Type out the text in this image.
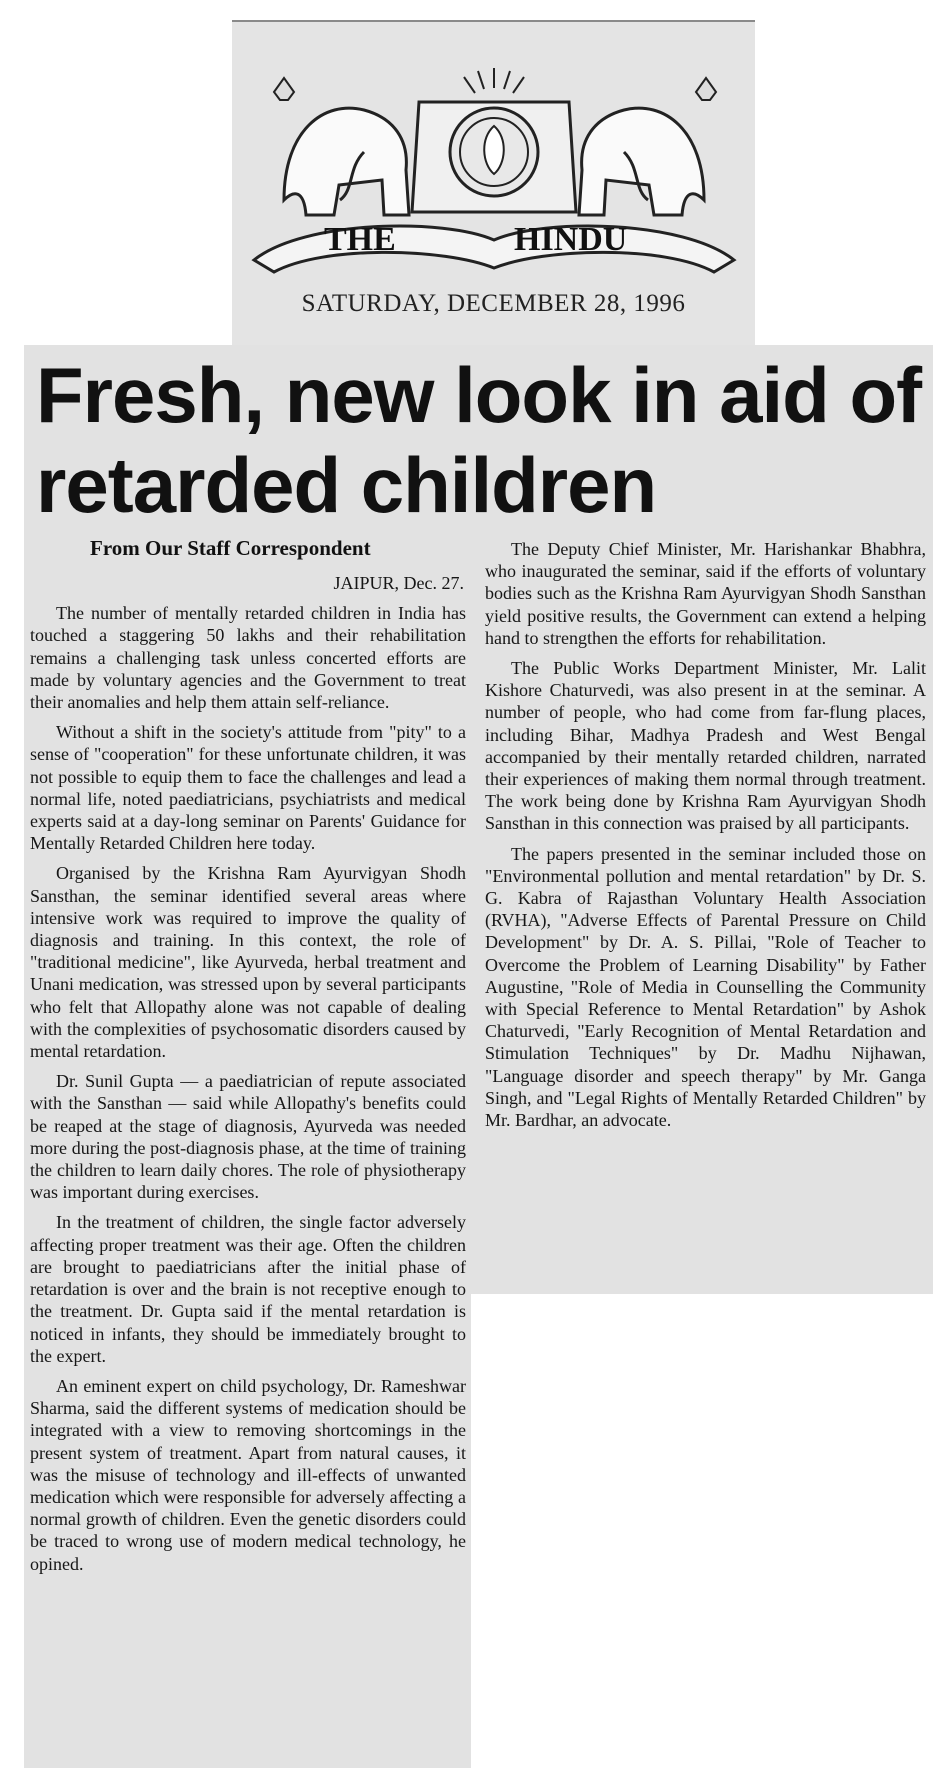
THE	HINDU
SATURDAY, DECEMBER 28, 1996
Fresh, new look in aid of retarded children
From Our Staff Correspondent

JAIPUR, Dec. 27.

The number of mentally retarded children in India has touched a staggering 50 lakhs and their rehabilitation remains a challenging task unless concerted efforts are made by voluntary agencies and the Government to treat their anomalies and help them attain self-reliance.

Without a shift in the society's attitude from "pity" to a sense of "cooperation" for these unfortunate children, it was not possible to equip them to face the challenges and lead a normal life, noted paediatricians, psychiatrists and medical experts said at a day-long seminar on Parents' Guidance for Mentally Retarded Children here today.

Organised by the Krishna Ram Ayurvigyan Shodh Sansthan, the seminar identified several areas where intensive work was required to improve the quality of diagnosis and training. In this context, the role of "traditional medicine", like Ayurveda, herbal treatment and Unani medication, was stressed upon by several participants who felt that Allopathy alone was not capable of dealing with the complexities of psychosomatic disorders caused by mental retardation.

Dr. Sunil Gupta — a paediatrician of repute associated with the Sansthan — said while Allopathy's benefits could be reaped at the stage of diagnosis, Ayurveda was needed more during the post-diagnosis phase, at the time of training the children to learn daily chores. The role of physiotherapy was important during exercises.

In the treatment of children, the single factor adversely affecting proper treatment was their age. Often the children are brought to paediatricians after the initial phase of retardation is over and the brain is not receptive enough to the treatment. Dr. Gupta said if the mental retardation is noticed in infants, they should be immediately brought to the expert.

An eminent expert on child psychology, Dr. Rameshwar Sharma, said the different systems of medication should be integrated with a view to removing shortcomings in the present system of treatment. Apart from natural causes, it was the misuse of technology and ill-effects of unwanted medication which were responsible for adversely affecting a normal growth of children. Even the genetic disorders could be traced to wrong use of modern medical technology, he opined.

The Deputy Chief Minister, Mr. Harishankar Bhabhra, who inaugurated the seminar, said if the efforts of voluntary bodies such as the Krishna Ram Ayurvigyan Shodh Sansthan yield positive results, the Government can extend a helping hand to strengthen the efforts for rehabilitation.

The Public Works Department Minister, Mr. Lalit Kishore Chaturvedi, was also present in at the seminar. A number of people, who had come from far-flung places, including Bihar, Madhya Pradesh and West Bengal accompanied by their mentally retarded children, narrated their experiences of making them normal through treatment. The work being done by Krishna Ram Ayurvigyan Shodh Sansthan in this connection was praised by all participants.

The papers presented in the seminar included those on "Environmental pollution and mental retardation" by Dr. S. G. Kabra of Rajasthan Voluntary Health Association (RVHA), "Adverse Effects of Parental Pressure on Child Development" by Dr. A. S. Pillai, "Role of Teacher to Overcome the Problem of Learning Disability" by Father Augustine, "Role of Media in Counselling the Community with Special Reference to Mental Retardation" by Ashok Chaturvedi, "Early Recognition of Mental Retardation and Stimulation Techniques" by Dr. Madhu Nijhawan, "Language disorder and speech therapy" by Mr. Ganga Singh, and "Legal Rights of Mentally Retarded Children" by Mr. Bardhar, an advocate.
